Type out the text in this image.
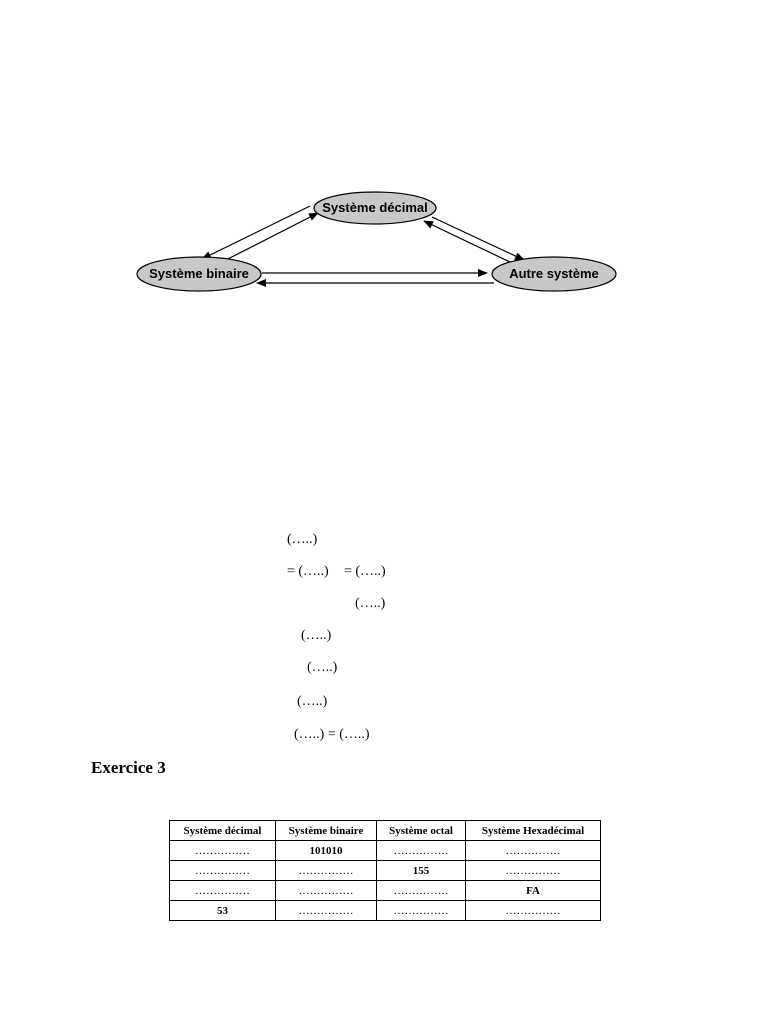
Système décimal
Système binaire	Autre système
(…..)
= (…..) = (…..)
(…..)
(…..)
(…..)
(…..)
(…..) = (…..)
Exercice 3
Système décimal	Système binaire	Système octal	Système Hexadécimal
……………	101010	……………	……………
……………	……………	155	……………
……………	……………	……………	FA
53	……………	……………	……………
